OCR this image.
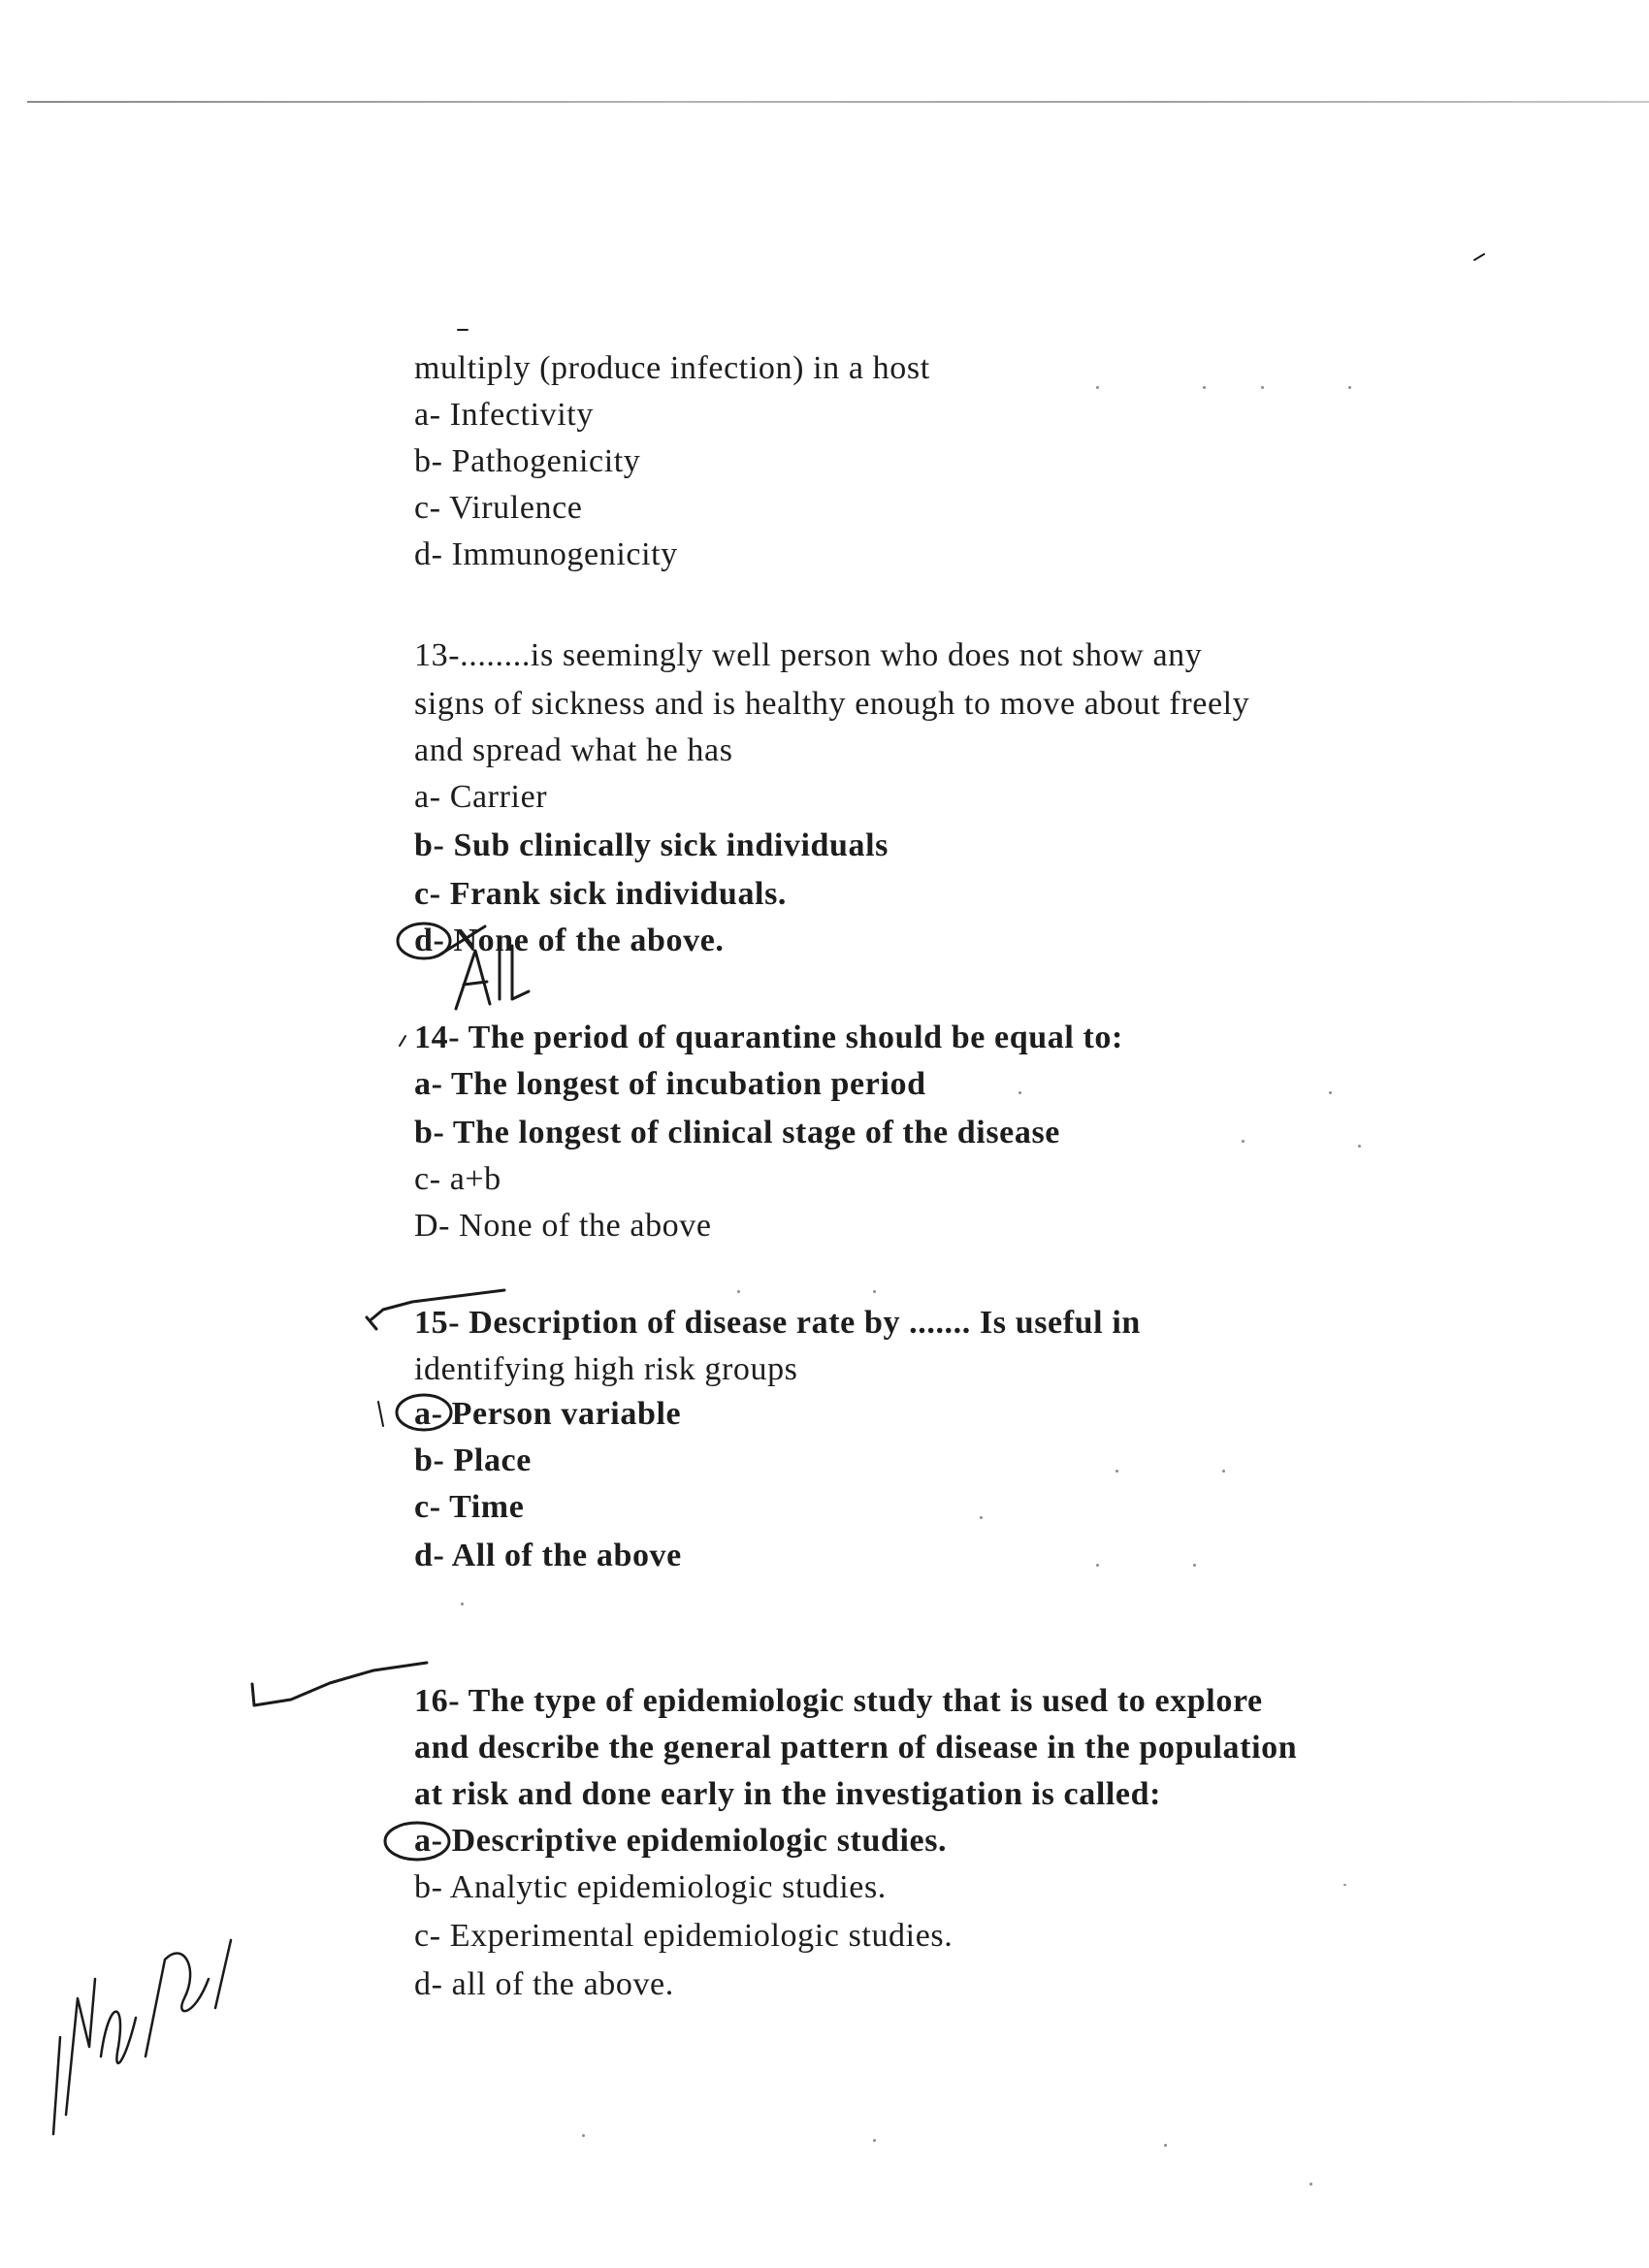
multiply (produce infection) in a host
a- Infectivity
b- Pathogenicity
c- Virulence
d- Immunogenicity
13-........is seemingly well person who does not show any
signs of sickness and is healthy enough to move about freely
and spread what he has
a- Carrier
b- Sub clinically sick individuals
c- Frank sick individuals.
d- None of the above.
14- The period of quarantine should be equal to:
a- The longest of incubation period
b- The longest of clinical stage of the disease
c- a+b
D- None of the above
15- Description of disease rate by ....... Is useful in
identifying high risk groups
a- Person variable
b- Place
c- Time
d- All of the above
16- The type of epidemiologic study that is used to explore
and describe the general pattern of disease in the population
at risk and done early in the investigation is called:
a- Descriptive epidemiologic studies.
b- Analytic epidemiologic studies.
c- Experimental epidemiologic studies.
d- all of the above.
